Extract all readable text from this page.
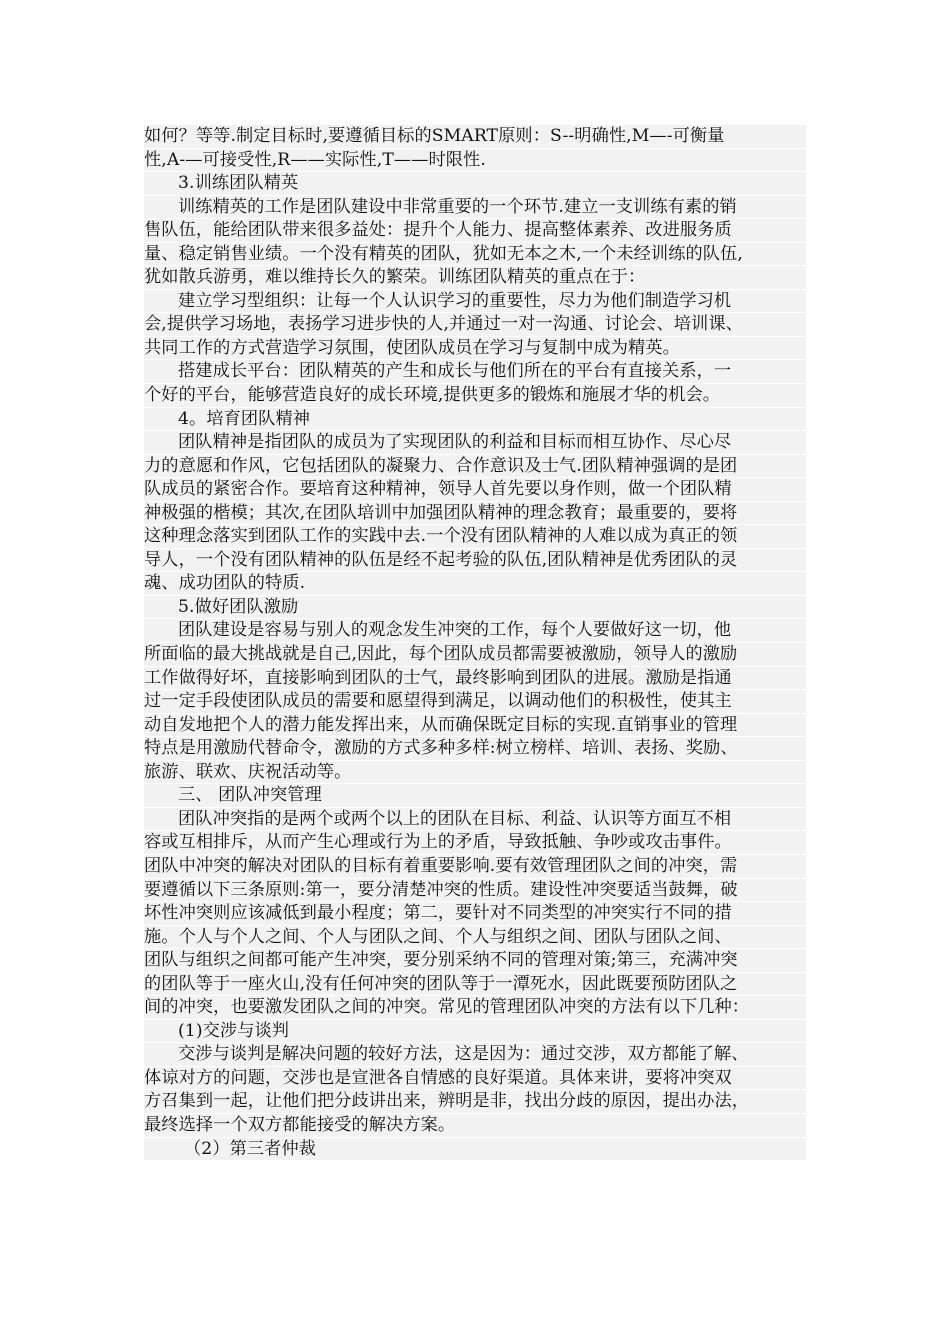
如何？等等.制定目标时,要遵循目标的SMART原则：S--明确性,M—-可衡量
性,A-—可接受性,R——实际性,T——时限性.
3.训练团队精英
训练精英的工作是团队建设中非常重要的一个环节.建立一支训练有素的销
售队伍，能给团队带来很多益处：提升个人能力、提高整体素养、改进服务质
量、稳定销售业绩。一个没有精英的团队，犹如无本之木,一个未经训练的队伍,
犹如散兵游勇，难以维持长久的繁荣。训练团队精英的重点在于：
建立学习型组织：让每一个人认识学习的重要性，尽力为他们制造学习机
会,提供学习场地，表扬学习进步快的人,并通过一对一沟通、讨论会、培训课、
共同工作的方式营造学习氛围，使团队成员在学习与复制中成为精英。
搭建成长平台：团队精英的产生和成长与他们所在的平台有直接关系，一
个好的平台，能够营造良好的成长环境,提供更多的锻炼和施展才华的机会。
4。培育团队精神
团队精神是指团队的成员为了实现团队的利益和目标而相互协作、尽心尽
力的意愿和作风，它包括团队的凝聚力、合作意识及士气.团队精神强调的是团
队成员的紧密合作。要培育这种精神，领导人首先要以身作则，做一个团队精
神极强的楷模；其次,在团队培训中加强团队精神的理念教育；最重要的，要将
这种理念落实到团队工作的实践中去.一个没有团队精神的人难以成为真正的领
导人，一个没有团队精神的队伍是经不起考验的队伍,团队精神是优秀团队的灵
魂、成功团队的特质.
5.做好团队激励
团队建设是容易与别人的观念发生冲突的工作，每个人要做好这一切，他
所面临的最大挑战就是自己,因此，每个团队成员都需要被激励，领导人的激励
工作做得好坏，直接影响到团队的士气，最终影响到团队的进展。激励是指通
过一定手段使团队成员的需要和愿望得到满足，以调动他们的积极性，使其主
动自发地把个人的潜力能发挥出来，从而确保既定目标的实现.直销事业的管理
特点是用激励代替命令，激励的方式多种多样:树立榜样、培训、表扬、奖励、
旅游、联欢、庆祝活动等。
三、 团队冲突管理
团队冲突指的是两个或两个以上的团队在目标、利益、认识等方面互不相
容或互相排斥，从而产生心理或行为上的矛盾，导致抵触、争吵或攻击事件。
团队中冲突的解决对团队的目标有着重要影响.要有效管理团队之间的冲突，需
要遵循以下三条原则:第一，要分清楚冲突的性质。建设性冲突要适当鼓舞，破
坏性冲突则应该减低到最小程度；第二，要针对不同类型的冲突实行不同的措
施。个人与个人之间、个人与团队之间、个人与组织之间、团队与团队之间、
团队与组织之间都可能产生冲突，要分别采纳不同的管理对策;第三，充满冲突
的团队等于一座火山,没有任何冲突的团队等于一潭死水，因此既要预防团队之
间的冲突，也要激发团队之间的冲突。常见的管理团队冲突的方法有以下几种：
(1)交涉与谈判
交涉与谈判是解决问题的较好方法，这是因为：通过交涉，双方都能了解、
体谅对方的问题，交涉也是宣泄各自情感的良好渠道。具体来讲，要将冲突双
方召集到一起，让他们把分歧讲出来，辨明是非，找出分歧的原因，提出办法，
最终选择一个双方都能接受的解决方案。
（2）第三者仲裁
